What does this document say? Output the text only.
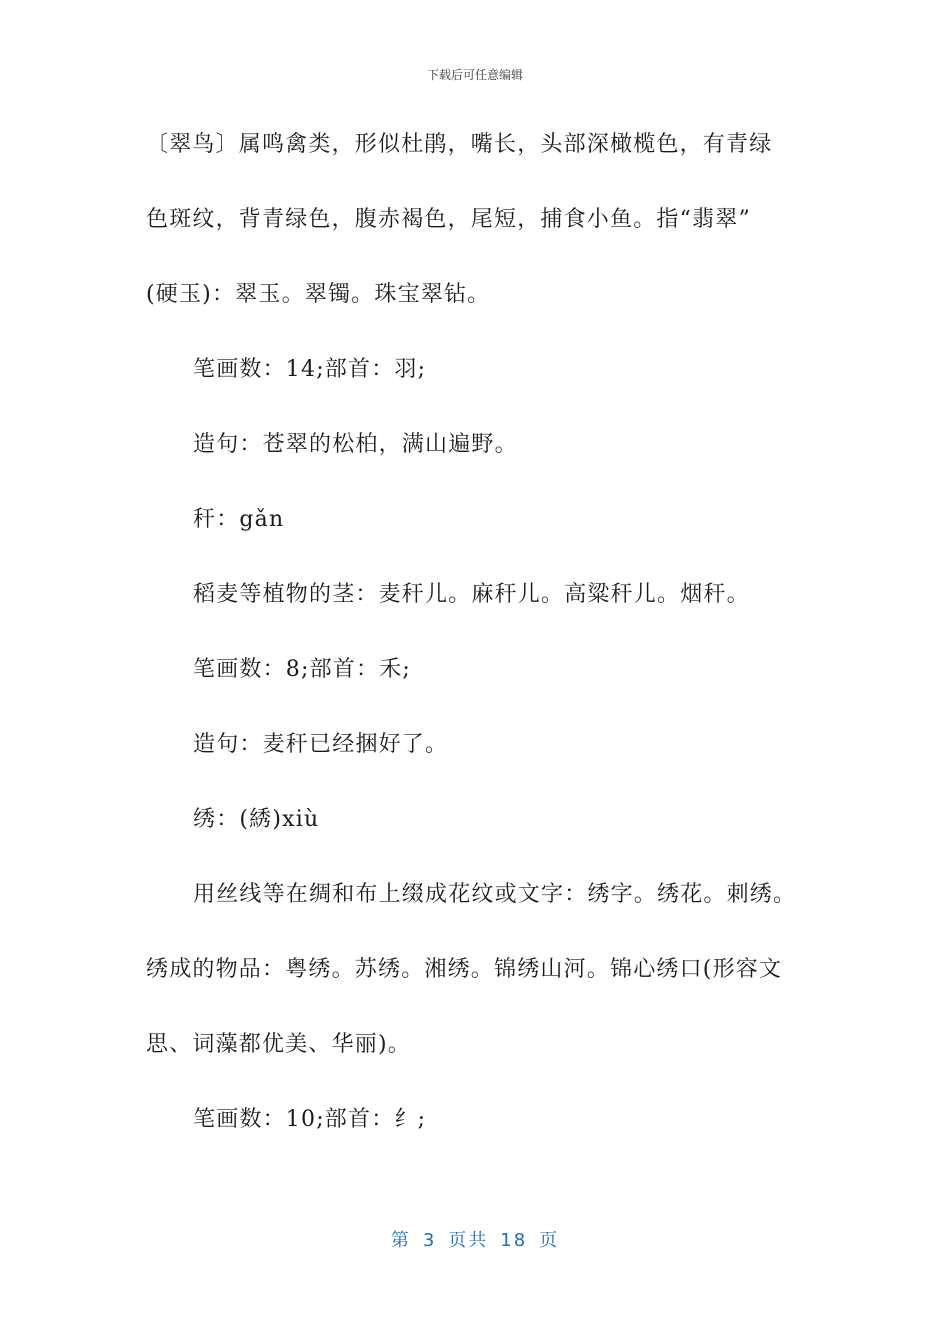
下载后可任意编辑
〔翠鸟〕属鸣禽类，形似杜鹃，嘴长，头部深橄榄色，有青绿
色斑纹，背青绿色，腹赤褐色，尾短，捕食小鱼。指“翡翠”
(硬玉)：翠玉。翠镯。珠宝翠钻。
笔画数：14;部首：羽;
造句：苍翠的松柏，满山遍野。
秆：gǎn
稻麦等植物的茎：麦秆儿。麻秆儿。高粱秆儿。烟秆。
笔画数：8;部首：禾;
造句：麦秆已经捆好了。
绣：(綉)xiù
用丝线等在绸和布上缀成花纹或文字：绣字。绣花。刺绣。
绣成的物品：粤绣。苏绣。湘绣。锦绣山河。锦心绣口(形容文
思、词藻都优美、华丽)。
笔画数：10;部首：纟;
第 3 页共 18 页
